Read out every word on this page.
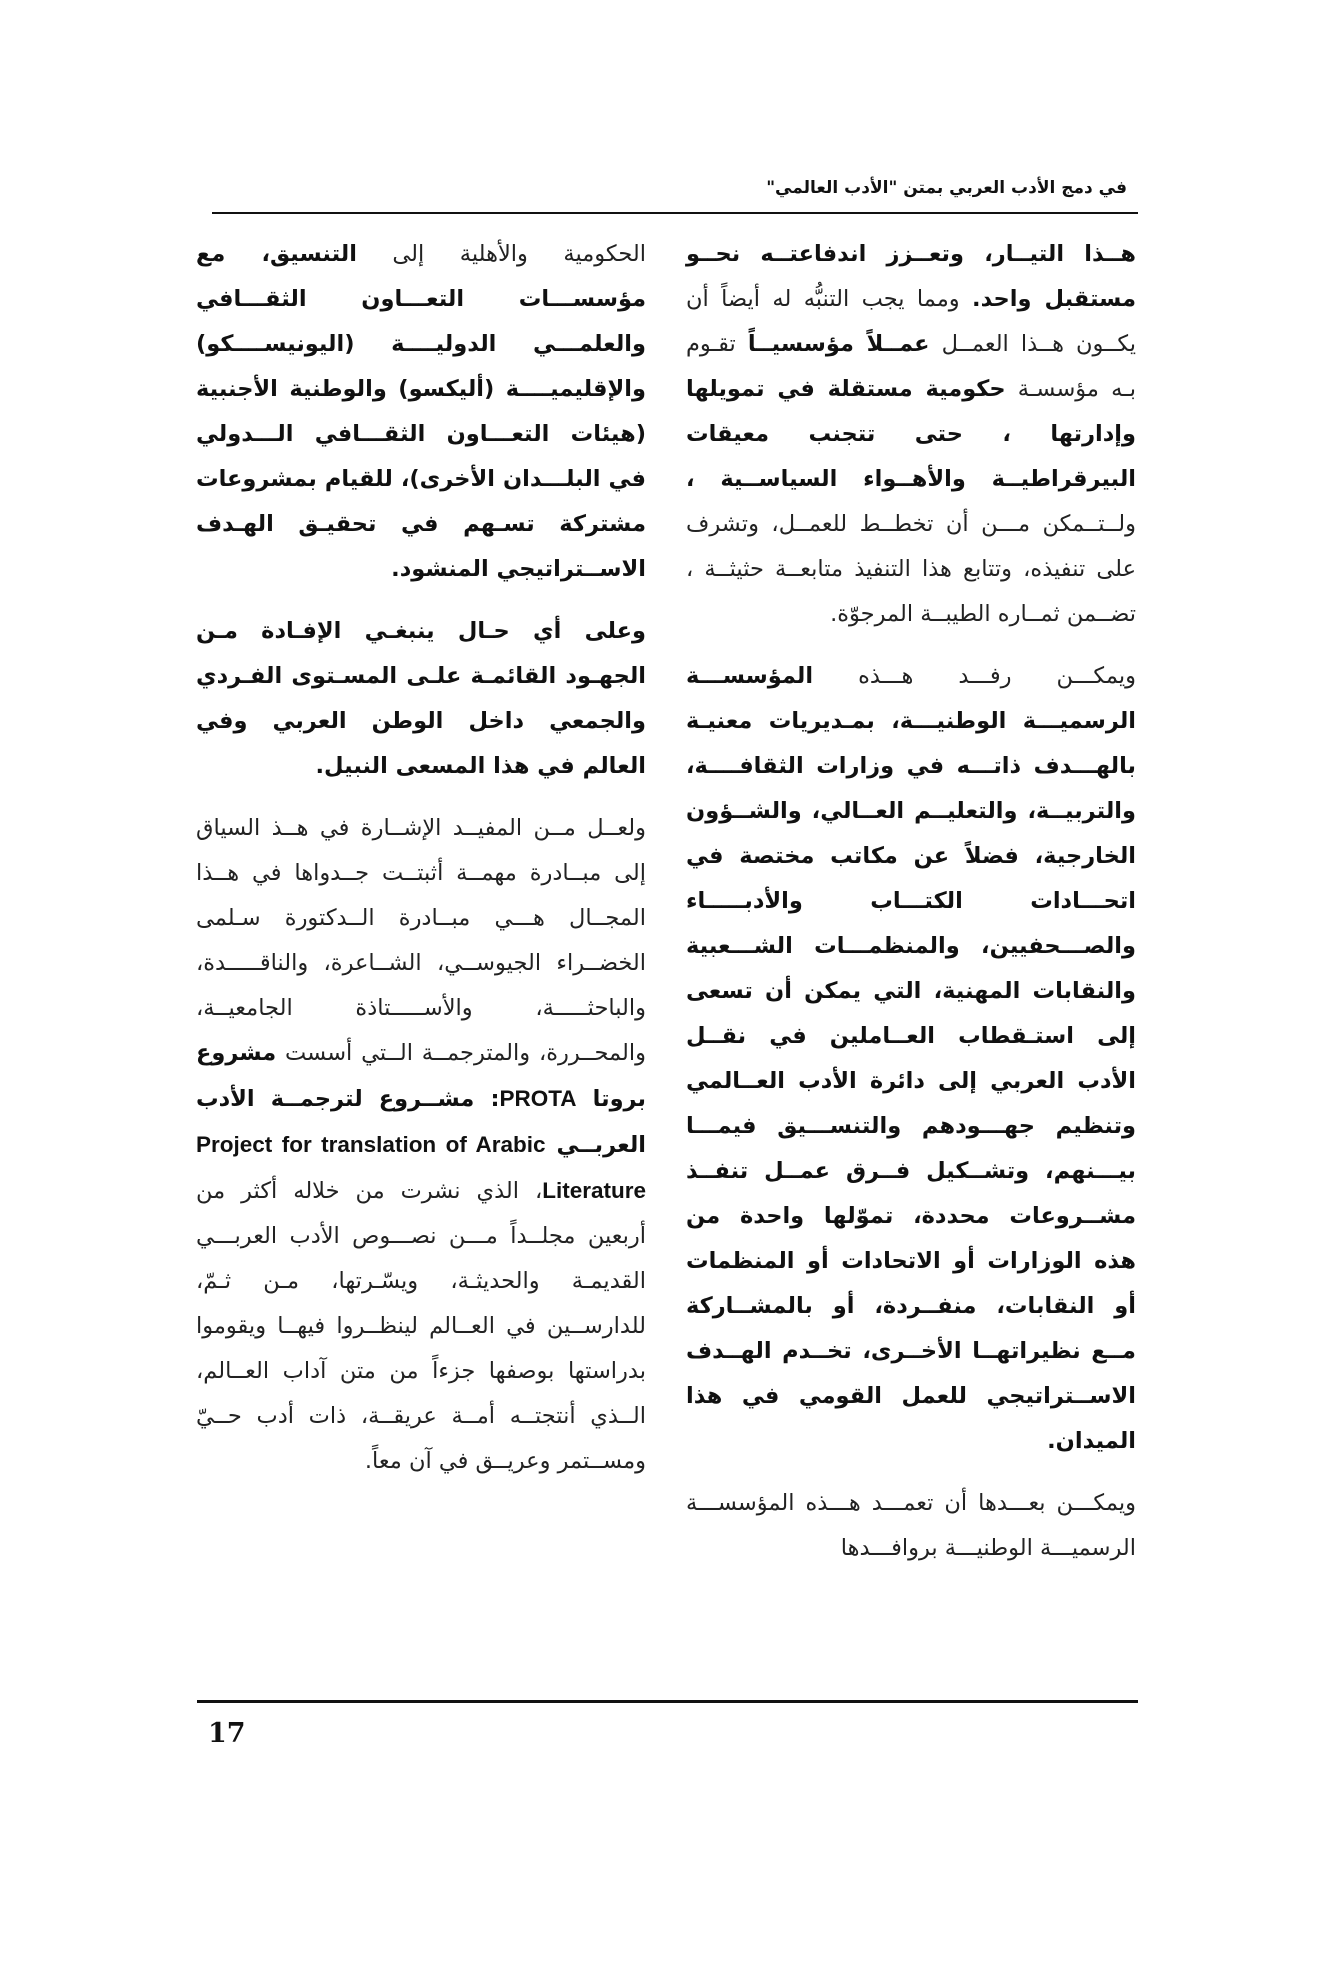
في دمج الأدب العربي بمتن "الأدب العالمي"

هــذا التيــار، وتعــزز اندفاعتــه نحــو مستقبل واحد. ومما يجب التنبُّه له أيضاً أن يكــون هــذا العمــل عمــلاً مؤسسيــاً تقـوم بـه مؤسسـة حكومية مستقلة في تمويلها وإدارتها ، حتى تتجنب معيقات البيرقراطيــة والأهــواء السياســية ، ولــتــمكن مـــن أن تخطــط للعمــل، وتشرف على تنفيذه، وتتابع هذا التنفيذ متابعــة حثيثــة ، تضــمن ثمــاره الطيبــة المرجوّة.

ويمكـــن رفـــد هـــذه المؤسســـة الرسميـــة الوطنيـــة، بمـديريات معنيـة بالهـــدف ذاتـــه في وزارات الثقافــــة، والتربيــة، والتعليــم العــالي، والشــؤون الخارجية، فضلاً عن مكاتب مختصة في اتحـــادات الكتـــاب والأدبـــــاء والصـــحفيين، والمنظمـــات الشـــعبية والنقابات المهنية، التي يمكن أن تسعى إلى استـقطاب العــاملين في نقــل الأدب العربي إلى دائرة الأدب العــالمي وتنظيم جهـــودهم والتنســـيق فيمـــا بيـــنهم، وتشــكيل فــرق عمــل تنفــذ مشــروعات محددة، تموّلها واحدة من هذه الوزارات أو الاتحادات أو المنظمات أو النقابات، منفــردة، أو بالمشــاركة مــع نظيراتهــا الأخــرى، تخــدم الهــدف الاســتراتيجي للعمل القومي في هذا الميدان.

ويمكـــن بعـــدها أن تعمـــد هـــذه المؤسســـة الرسميـــة الوطنيـــة بروافـــدها

الحكومية والأهلية إلى التنسيق، مع مؤسســـات التعـــاون الثقـــافي والعلمـــي الدوليــــة (اليونيســــكو) والإقليميــــة (أليكسو) والوطنية الأجنبية (هيئات التعـــاون الثقـــافي الـــدولي في البلـــدان الأخرى)، للقيام بمشروعات مشتركة تسـهم في تحقيـق الهـدف الاســتراتيجي المنشود.

وعلى أي حـال ينبغـي الإفـادة مـن الجهـود القائمـة علـى المسـتوى الفـردي والجمعي داخل الوطن العربي وفي العالم في هذا المسعى النبيل.

ولعــل مــن المفيــد الإشــارة في هــذ السياق إلى مبــادرة مهمــة أثبتــت جــدواها في هــذا المجــال هـــي مبــادرة الــدكتورة سـلمى الخضــراء الجيوســي، الشــاعرة، والناقـــــدة، والباحثـــــة، والأســـــتاذة الجامعيــة، والمحــررة، والمترجمــة الــتي أسست مشروع بروتا PROTA: مشــروع لترجمــة الأدب العربــي Project for translation of Arabic Literature، الذي نشرت من خلاله أكثر من أربعين مجلــداً مـــن نصـــوص الأدب العربـــي القديمـة والحديثـة، ويسّـرتها، مـن ثـمّ، للدارســين في العــالم لينظــروا فيهــا ويقوموا بدراستها بوصفها جزءاً من متن آداب العــالم، الــذي أنتجتــه أمــة عريقــة، ذات أدب حــيّ ومســتمر وعريــق في آن معاً.

17
